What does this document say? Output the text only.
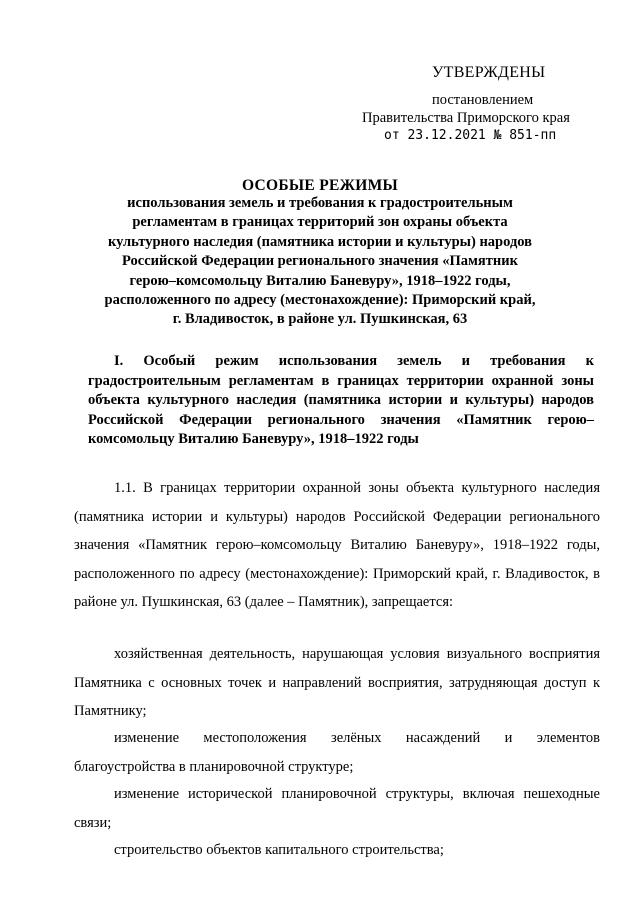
УТВЕРЖДЕНЫ
постановлением
Правительства Приморского края
от 23.12.2021 № 851-пп
ОСОБЫЕ РЕЖИМЫ
использования земель и требования к градостроительным регламентам в границах территорий зон охраны объекта культурного наследия (памятника истории и культуры) народов Российской Федерации регионального значения «Памятник герою–комсомольцу Виталию Баневуру», 1918–1922 годы, расположенного по адресу (местонахождение): Приморский край, г. Владивосток, в районе ул. Пушкинская, 63
I. Особый режим использования земель и требования к градостроительным регламентам в границах территории охранной зоны объекта культурного наследия (памятника истории и культуры) народов Российской Федерации регионального значения «Памятник герою–комсомольцу Виталию Баневуру», 1918–1922 годы
1.1. В границах территории охранной зоны объекта культурного наследия (памятника истории и культуры) народов Российской Федерации регионального значения «Памятник герою–комсомольцу Виталию Баневуру», 1918–1922 годы, расположенного по адресу (местонахождение): Приморский край, г. Владивосток, в районе ул. Пушкинская, 63 (далее – Памятник), запрещается:
хозяйственная деятельность, нарушающая условия визуального восприятия Памятника с основных точек и направлений восприятия, затрудняющая доступ к Памятнику;
изменение местоположения зелёных насаждений и элементов благоустройства в планировочной структуре;
изменение исторической планировочной структуры, включая пешеходные связи;
строительство объектов капитального строительства;
